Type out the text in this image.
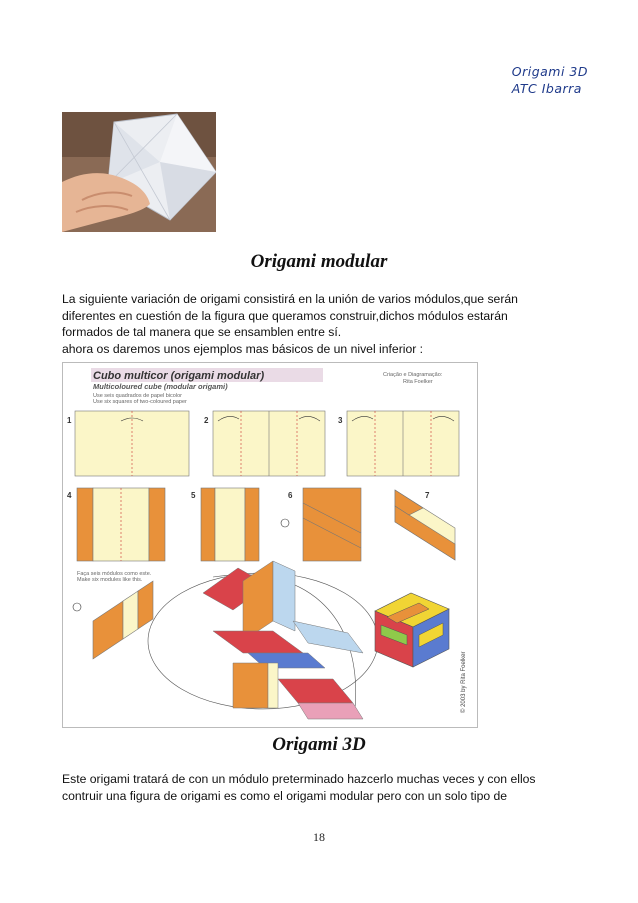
Origami 3D
ATC Ibarra
Origami modular
La siguiente variación de origami consistirá en la unión de varios módulos,que serán
diferentes en cuestión de la figura que queramos construir,dichos módulos estarán
formados de tal manera que se ensamblen entre sí.
ahora os daremos unos ejemplos mas básicos de un nivel inferior :
Cubo multicor (origami modular)
Multicoloured cube (modular origami)
Use seis quadrados de papel bicolor
Use six squares of two-coloured paper
Criação e Diagramação:
Rita Foelker
1	2	3
4	5	6	7
Faça seis módulos como este.
Make six modules like this.
© 2003 by Rita Foelker
Origami 3D
Este origami tratará de con un módulo preterminado hazcerlo muchas veces y con ellos
contruir una figura de origami es como el origami modular pero con un solo tipo de
18
